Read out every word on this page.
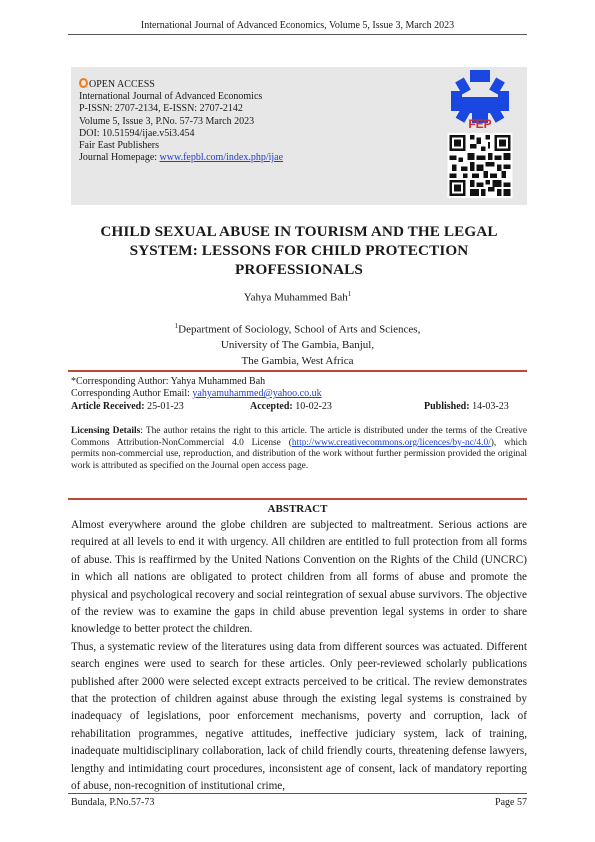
International Journal of Advanced Economics, Volume 5, Issue 3, March 2023
OPEN ACCESS
International Journal of Advanced Economics
P-ISSN: 2707-2134, E-ISSN: 2707-2142
Volume 5, Issue 3, P.No. 57-73 March 2023
DOI: 10.51594/ijae.v5i3.454
Fair East Publishers
Journal Homepage: www.fepbl.com/index.php/ijae
FEP
CHILD SEXUAL ABUSE IN TOURISM AND THE LEGAL SYSTEM: LESSONS FOR CHILD PROTECTION PROFESSIONALS
Yahya Muhammed Bah$^1$
$^1$Department of Sociology, School of Arts and Sciences,
University of The Gambia, Banjul,
The Gambia, West Africa
*Corresponding Author: Yahya Muhammed Bah
Corresponding Author Email: yahyamuhammed@yahoo.co.uk
Article Received: 25-01-23	Accepted: 10-02-23	Published: 14-03-23
Licensing Details: The author retains the right to this article. The article is distributed under the terms of the Creative Commons Attribution-NonCommercial 4.0 License (http://www.creativecommons.org/licences/by-nc/4.0/), which permits non-commercial use, reproduction, and distribution of the work without further permission provided the original work is attributed as specified on the Journal open access page.
ABSTRACT

Almost everywhere around the globe children are subjected to maltreatment. Serious actions are required at all levels to end it with urgency. All children are entitled to full protection from all forms of abuse. This is reaffirmed by the United Nations Convention on the Rights of the Child (UNCRC) in which all nations are obligated to protect children from all forms of abuse and promote the physical and psychological recovery and social reintegration of sexual abuse survivors. The objective of the review was to examine the gaps in child abuse prevention legal systems in order to share knowledge to better protect the children.

Thus, a systematic review of the literatures using data from different sources was actuated. Different search engines were used to search for these articles. Only peer-reviewed scholarly publications published after 2000 were selected except extracts perceived to be critical. The review demonstrates that the protection of children against abuse through the existing legal systems is constrained by inadequacy of legislations, poor enforcement mechanisms, poverty and corruption, lack of rehabilitation programmes, negative attitudes, ineffective judiciary system, lack of training, inadequate multidisciplinary collaboration, lack of child friendly courts, threatening defense lawyers, lengthy and intimidating court procedures, inconsistent age of consent, lack of mandatory reporting of abuse, non-recognition of institutional crime,

Bundala, P.No.57-73	Page 57
